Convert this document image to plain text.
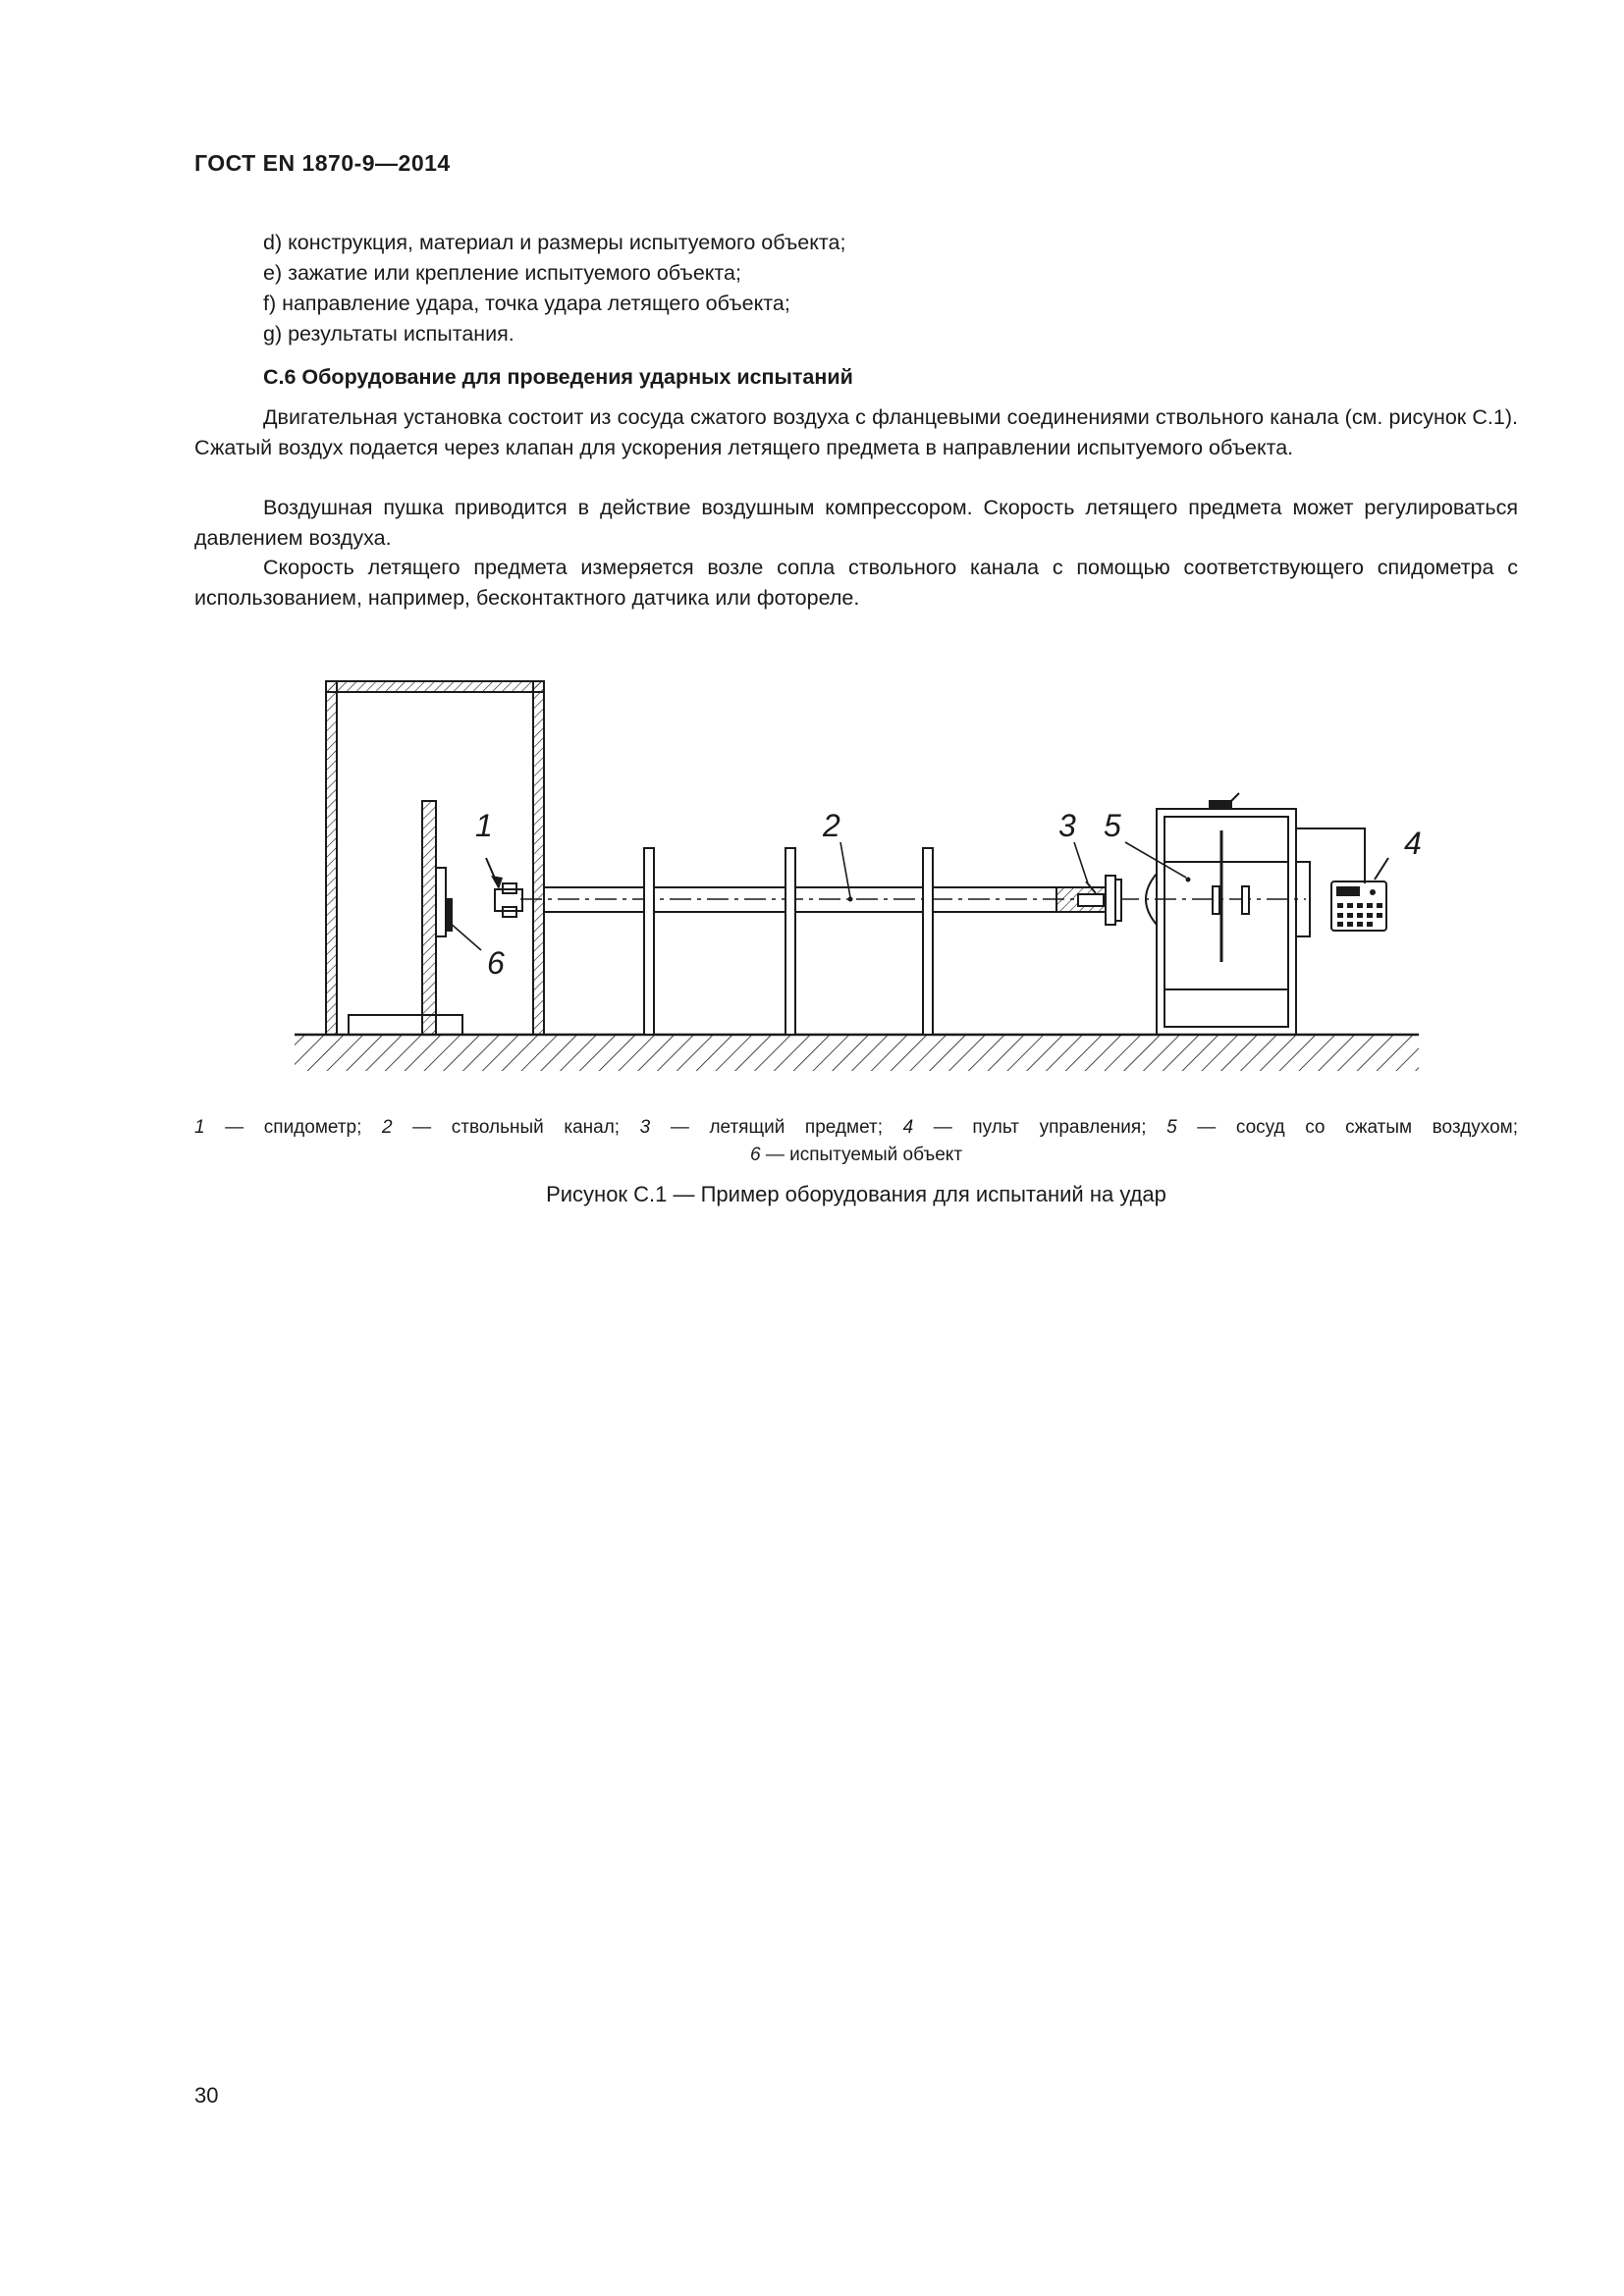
ГОСТ EN 1870-9—2014
d) конструкция, материал и размеры испытуемого объекта;
е) зажатие или крепление испытуемого объекта;
f) направление удара, точка удара летящего объекта;
g) результаты испытания.
С.6 Оборудование для проведения ударных испытаний
Двигательная установка состоит из сосуда сжатого воздуха с фланцевыми соединениями ствольного канала (см. рисунок С.1). Сжатый воздух подается через клапан для ускорения летящего предмета в направлении испытуемого объекта.
Воздушная пушка приводится в действие воздушным компрессором. Скорость летящего предмета может регулироваться давлением воздуха.
Скорость летящего предмета измеряется возле сопла ствольного канала с помощью соответствующего спидометра с использованием, например, бесконтактного датчика или фотореле.
1	2	3	4
5
6
1 — спидометр; 2 — ствольный канал; 3 — летящий предмет; 4 — пульт управления; 5 — сосуд со сжатым воздухом;
6 — испытуемый объект
Рисунок С.1 — Пример оборудования для испытаний на удар
30
